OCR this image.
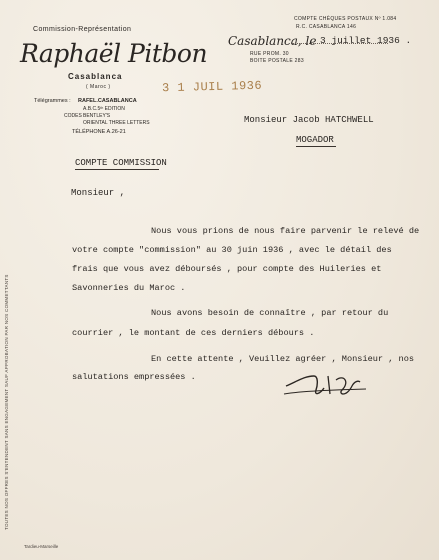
Commission-Représentation
Raphaël Pitbon
Casablanca
( Maroc )
Télégrammes : RAFEL.CASABLANCA
CODES
A.B.C.5ᵗʰ EDITION
BENTLEY'S
ORIENTAL THREE LETTERS
TÉLÉPHONE A.26-21
COMPTE CHÈQUES POSTAUX Nº 1.084
R.C. CASABLANCA 146
Casablanca, le 3 juillet 1936 .
RUE PROM. 30
BOITE POSTALE 283
3 1 JUIL 1936
Monsieur Jacob HATCHWELL
MOGADOR
COMPTE COMMISSION
Monsieur ,
Nous vous prions de nous faire parvenir le relevé de
votre compte "commission" au 30 juin 1936 , avec le détail des
frais que vous avez déboursés , pour compte des Huileries et
Savonneries du Maroc .
Nous avons besoin de connaître , par retour du
courrier , le montant de ces derniers débours .
En cette attente , Veuillez agréer , Monsieur , nos
salutations empressées .
TOUTES NOS OFFRES S'ENTENDENT SANS ENGAGEMENT SAUF APPROBATION PAR NOS COMMETTANTS
Tardieu-Marseille
